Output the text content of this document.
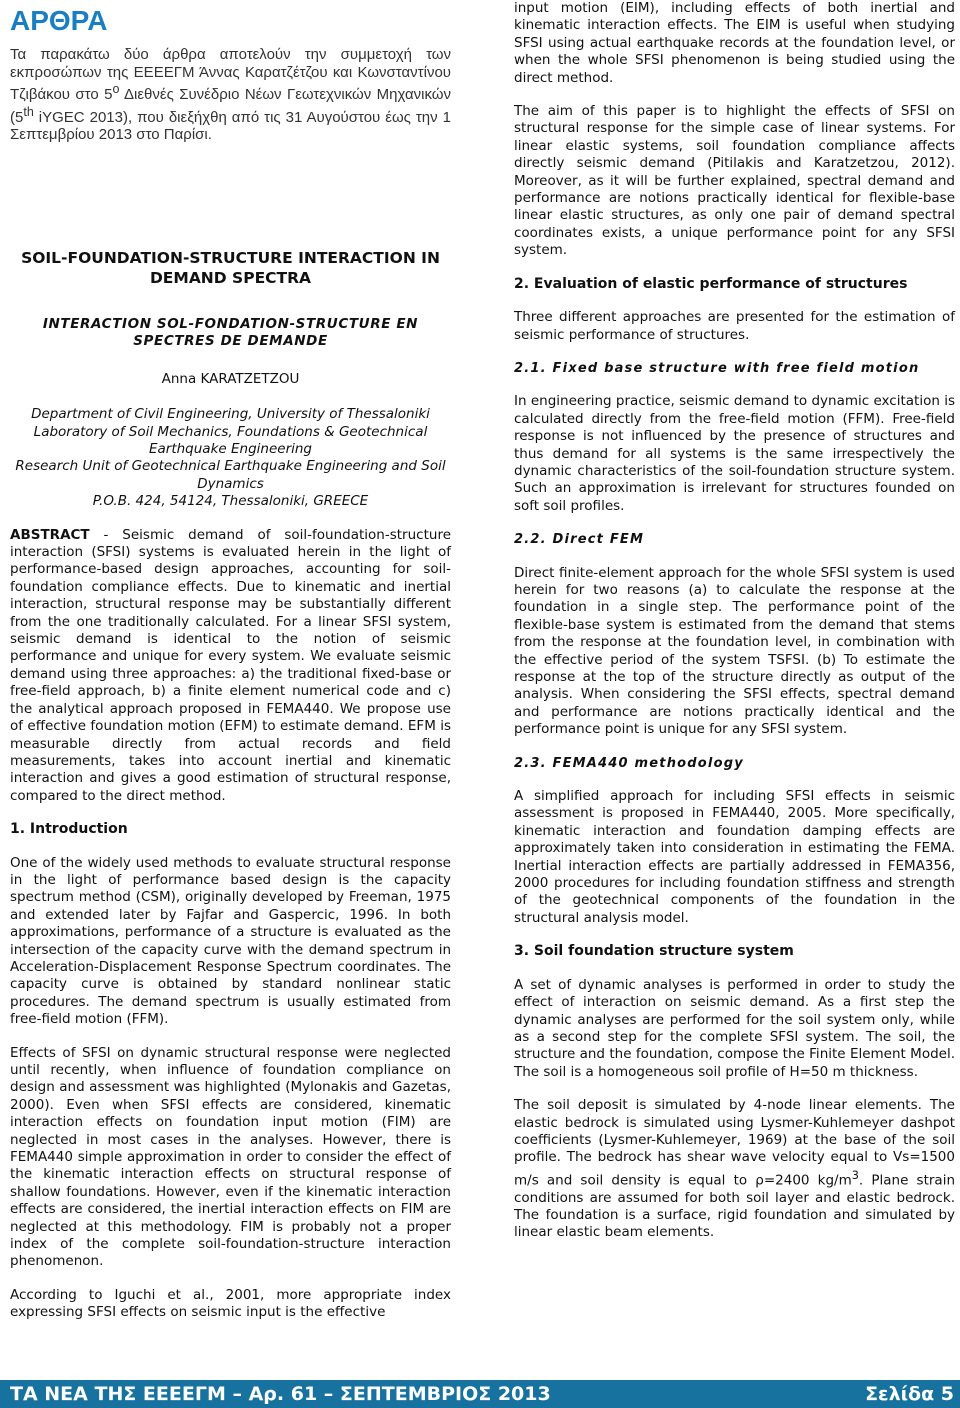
ΑΡΘΡΑ

Τα παρακάτω δύο άρθρα αποτελούν την συμμετοχή των εκπροσώπων της ΕΕΕΕΓΜ Άννας Καρατζέτζου και Κωνσταντίνου Τζιβάκου στο $5^o$ Διεθνές Συνέδριο Νέων Γεωτεχνικών Μηχανικών (5th iYGEC 2013), που διεξήχθη από τις 31 Αυγούστου έως την 1 Σεπτεμβρίου 2013 στο Παρίσι.

SOIL-FOUNDATION-STRUCTURE INTERACTION IN DEMAND SPECTRA

INTERACTION SOL-FONDATION-STRUCTURE EN SPECTRES DE DEMANDE

Anna KARATZETZOU

Department of Civil Engineering, University of Thessaloniki
Laboratory of Soil Mechanics, Foundations & Geotechnical Earthquake Engineering
Research Unit of Geotechnical Earthquake Engineering and Soil Dynamics
P.O.B. 424, 54124, Thessaloniki, GREECE

ABSTRACT - Seismic demand of soil-foundation-structure interaction (SFSI) systems is evaluated herein in the light of performance-based design approaches, accounting for soil-foundation compliance effects. Due to kinematic and inertial interaction, structural response may be substantially different from the one traditionally calculated. For a linear SFSI system, seismic demand is identical to the notion of seismic performance and unique for every system. We evaluate seismic demand using three approaches: a) the traditional fixed-base or free-field approach, b) a finite element numerical code and c) the analytical approach proposed in FEMA440. We propose use of effective foundation motion (EFM) to estimate demand. EFM is measurable directly from actual records and field measurements, takes into account inertial and kinematic interaction and gives a good estimation of structural response, compared to the direct method.

1. Introduction

One of the widely used methods to evaluate structural response in the light of performance based design is the capacity spectrum method (CSM), originally developed by Freeman, 1975 and extended later by Fajfar and Gaspercic, 1996. In both approximations, performance of a structure is evaluated as the intersection of the capacity curve with the demand spectrum in Acceleration-Displacement Response Spectrum coordinates. The capacity curve is obtained by standard nonlinear static procedures. The demand spectrum is usually estimated from free-field motion (FFM).

Effects of SFSI on dynamic structural response were neglected until recently, when influence of foundation compliance on design and assessment was highlighted (Mylonakis and Gazetas, 2000). Even when SFSI effects are considered, kinematic interaction effects on foundation input motion (FIM) are neglected in most cases in the analyses. However, there is FEMA440 simple approximation in order to consider the effect of the kinematic interaction effects on structural response of shallow foundations. However, even if the kinematic interaction effects are considered, the inertial interaction effects on FIM are neglected at this methodology. FIM is probably not a proper index of the complete soil-foundation-structure interaction phenomenon.

According to Iguchi et al., 2001, more appropriate index expressing SFSI effects on seismic input is the effective

input motion (EIM), including effects of both inertial and kinematic interaction effects. The EIM is useful when studying SFSI using actual earthquake records at the foundation level, or when the whole SFSI phenomenon is being studied using the direct method.

The aim of this paper is to highlight the effects of SFSI on structural response for the simple case of linear systems. For linear elastic systems, soil foundation compliance affects directly seismic demand (Pitilakis and Karatzetzou, 2012). Moreover, as it will be further explained, spectral demand and performance are notions practically identical for flexible-base linear elastic structures, as only one pair of demand spectral coordinates exists, a unique performance point for any SFSI system.

2. Evaluation of elastic performance of structures

Three different approaches are presented for the estimation of seismic performance of structures.

2.1. Fixed base structure with free field motion

In engineering practice, seismic demand to dynamic excitation is calculated directly from the free-field motion (FFM). Free-field response is not influenced by the presence of structures and thus demand for all systems is the same irrespectively the dynamic characteristics of the soil-foundation structure system. Such an approximation is irrelevant for structures founded on soft soil profiles.

2.2. Direct FEM

Direct finite-element approach for the whole SFSI system is used herein for two reasons (a) to calculate the response at the foundation in a single step. The performance point of the flexible-base system is estimated from the demand that stems from the response at the foundation level, in combination with the effective period of the system TSFSI. (b) To estimate the response at the top of the structure directly as output of the analysis. When considering the SFSI effects, spectral demand and performance are notions practically identical and the performance point is unique for any SFSI system.

2.3. FEMA440 methodology

A simplified approach for including SFSI effects in seismic assessment is proposed in FEMA440, 2005. More specifically, kinematic interaction and foundation damping effects are approximately taken into consideration in estimating the FEMA. Inertial interaction effects are partially addressed in FEMA356, 2000 procedures for including foundation stiffness and strength of the geotechnical components of the foundation in the structural analysis model.

3. Soil foundation structure system

A set of dynamic analyses is performed in order to study the effect of interaction on seismic demand. As a first step the dynamic analyses are performed for the soil system only, while as a second step for the complete SFSI system. The soil, the structure and the foundation, compose the Finite Element Model. The soil is a homogeneous soil profile of H=50 m thickness.

The soil deposit is simulated by 4-node linear elements. The elastic bedrock is simulated using Lysmer-Kuhlemeyer dashpot coefficients (Lysmer-Kuhlemeyer, 1969) at the base of the soil profile. The bedrock has shear wave velocity equal to Vs=1500 m/s and soil density is equal to ρ=2400 $kg/m^3$. Plane strain conditions are assumed for both soil layer and elastic bedrock. The foundation is a surface, rigid foundation and simulated by linear elastic beam elements.

ΤΑ ΝΕΑ ΤΗΣ ΕΕΕΕΓΜ – Αρ. 61 – ΣΕΠΤΕΜΒΡΙΟΣ 2013	Σελίδα 5
